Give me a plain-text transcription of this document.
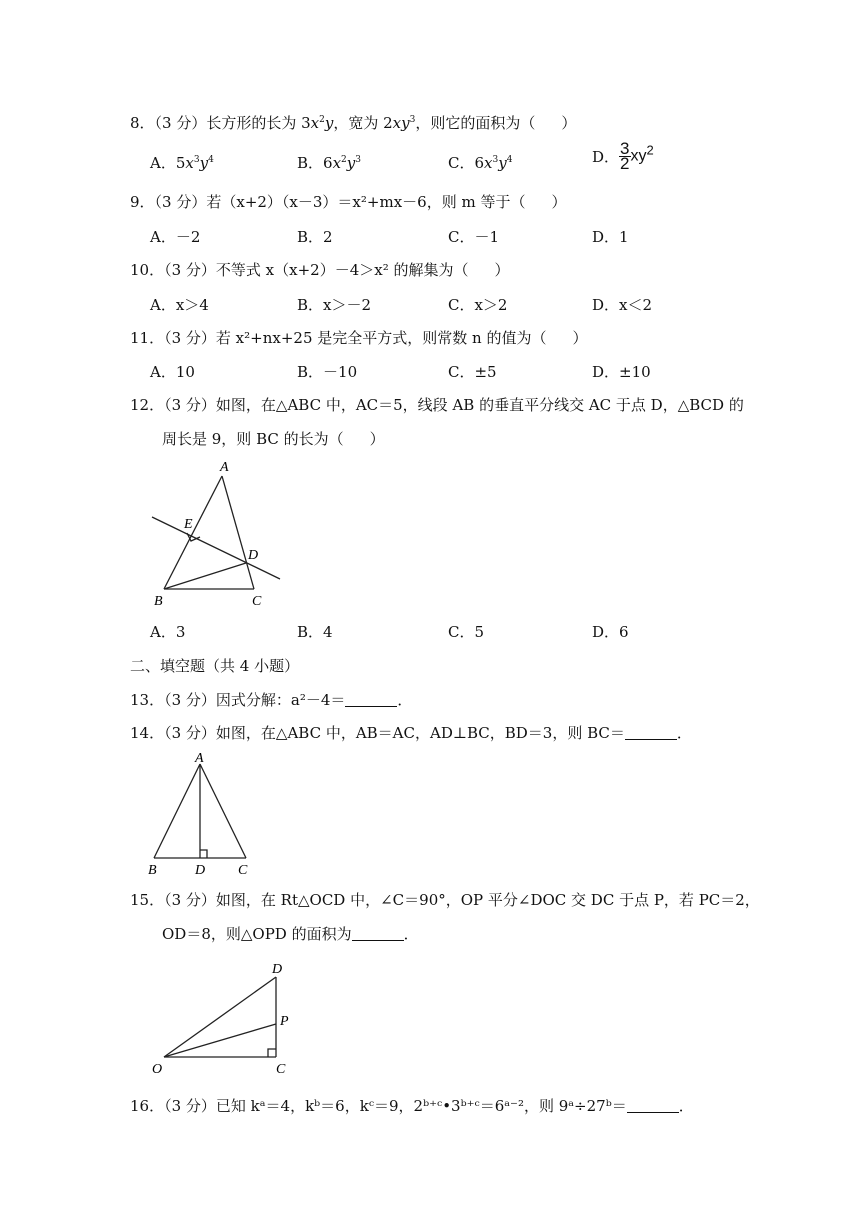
8．（3 分）长方形的长为 $3x^2y$，宽为 $2xy^3$，则它的面积为（ ）
A．$5x^3y^4$	B．$6x^2y^3$	C．$6x^3y^4$	D． $\frac{3}{2} xy^2$
9．（3 分）若（x+2）（x－3）＝x²+mx－6，则 m 等于（ ）
A．－2	B．2	C．－1	D．1
10．（3 分）不等式 x（x+2）－4＞x² 的解集为（ ）
A．x＞4	B．x＞－2	C．x＞2	D．x＜2
11．（3 分）若 x²+nx+25 是完全平方式，则常数 n 的值为（ ）
A．10	B．－10	C．±5	D．±10
12．（3 分）如图，在△ABC 中，AC＝5，线段 AB 的垂直平分线交 AC 于点 D，△BCD 的
周长是 9，则 BC 的长为（ ）
A
E
D
B	C
A．3	B．4	C．5	D．6
二、填空题（共 4 小题）
13．（3 分）因式分解：a²－4＝	．
14．（3 分）如图，在△ABC 中，AB＝AC，AD⊥BC，BD＝3，则 BC＝	．
A
B	D C
15．（3 分）如图，在 Rt△OCD 中，∠C＝90°，OP 平分∠DOC 交 DC 于点 P，若 PC＝2，
OD＝8，则△OPD 的面积为	．
D
P
O	C
16．（3 分）已知 kᵃ＝4，kᵇ＝6，kᶜ＝9，2ᵇ⁺ᶜ•3ᵇ⁺ᶜ＝6ᵃ⁻²，则 9ᵃ÷27ᵇ＝	．
